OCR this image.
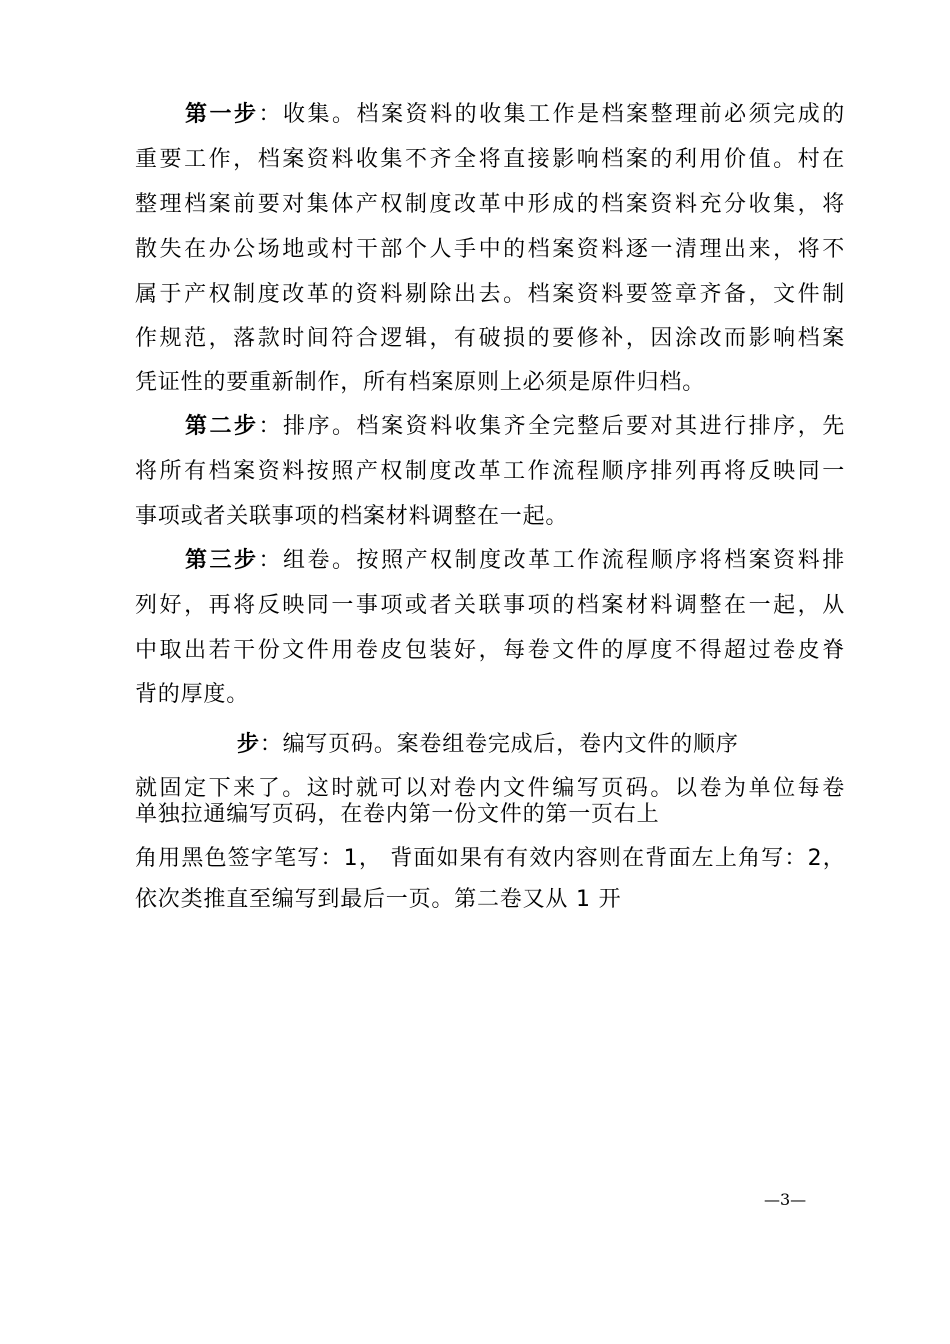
第一步：收集。档案资料的收集工作是档案整理前必须完成的
重要工作，档案资料收集不齐全将直接影响档案的利用价值。村在
整理档案前要对集体产权制度改革中形成的档案资料充分收集，将
散失在办公场地或村干部个人手中的档案资料逐一清理出来，将不
属于产权制度改革的资料剔除出去。档案资料要签章齐备，文件制
作规范，落款时间符合逻辑，有破损的要修补，因涂改而影响档案
凭证性的要重新制作，所有档案原则上必须是原件归档。
第二步：排序。档案资料收集齐全完整后要对其进行排序，先
将所有档案资料按照产权制度改革工作流程顺序排列再将反映同一
事项或者关联事项的档案材料调整在一起。
第三步：组卷。按照产权制度改革工作流程顺序将档案资料排
列好，再将反映同一事项或者关联事项的档案材料调整在一起，从
中取出若干份文件用卷皮包装好，每卷文件的厚度不得超过卷皮脊
背的厚度。
步：编写页码。案卷组卷完成后，卷内文件的顺序
就固定下来了。这时就可以对卷内文件编写页码。以卷为单位每卷
单独拉通编写页码，在卷内第一份文件的第一页右上
角用黑色签字笔写：1， 背面如果有有效内容则在背面左上角写：2，
依次类推直至编写到最后一页。第二卷又从 1 开
—3—
